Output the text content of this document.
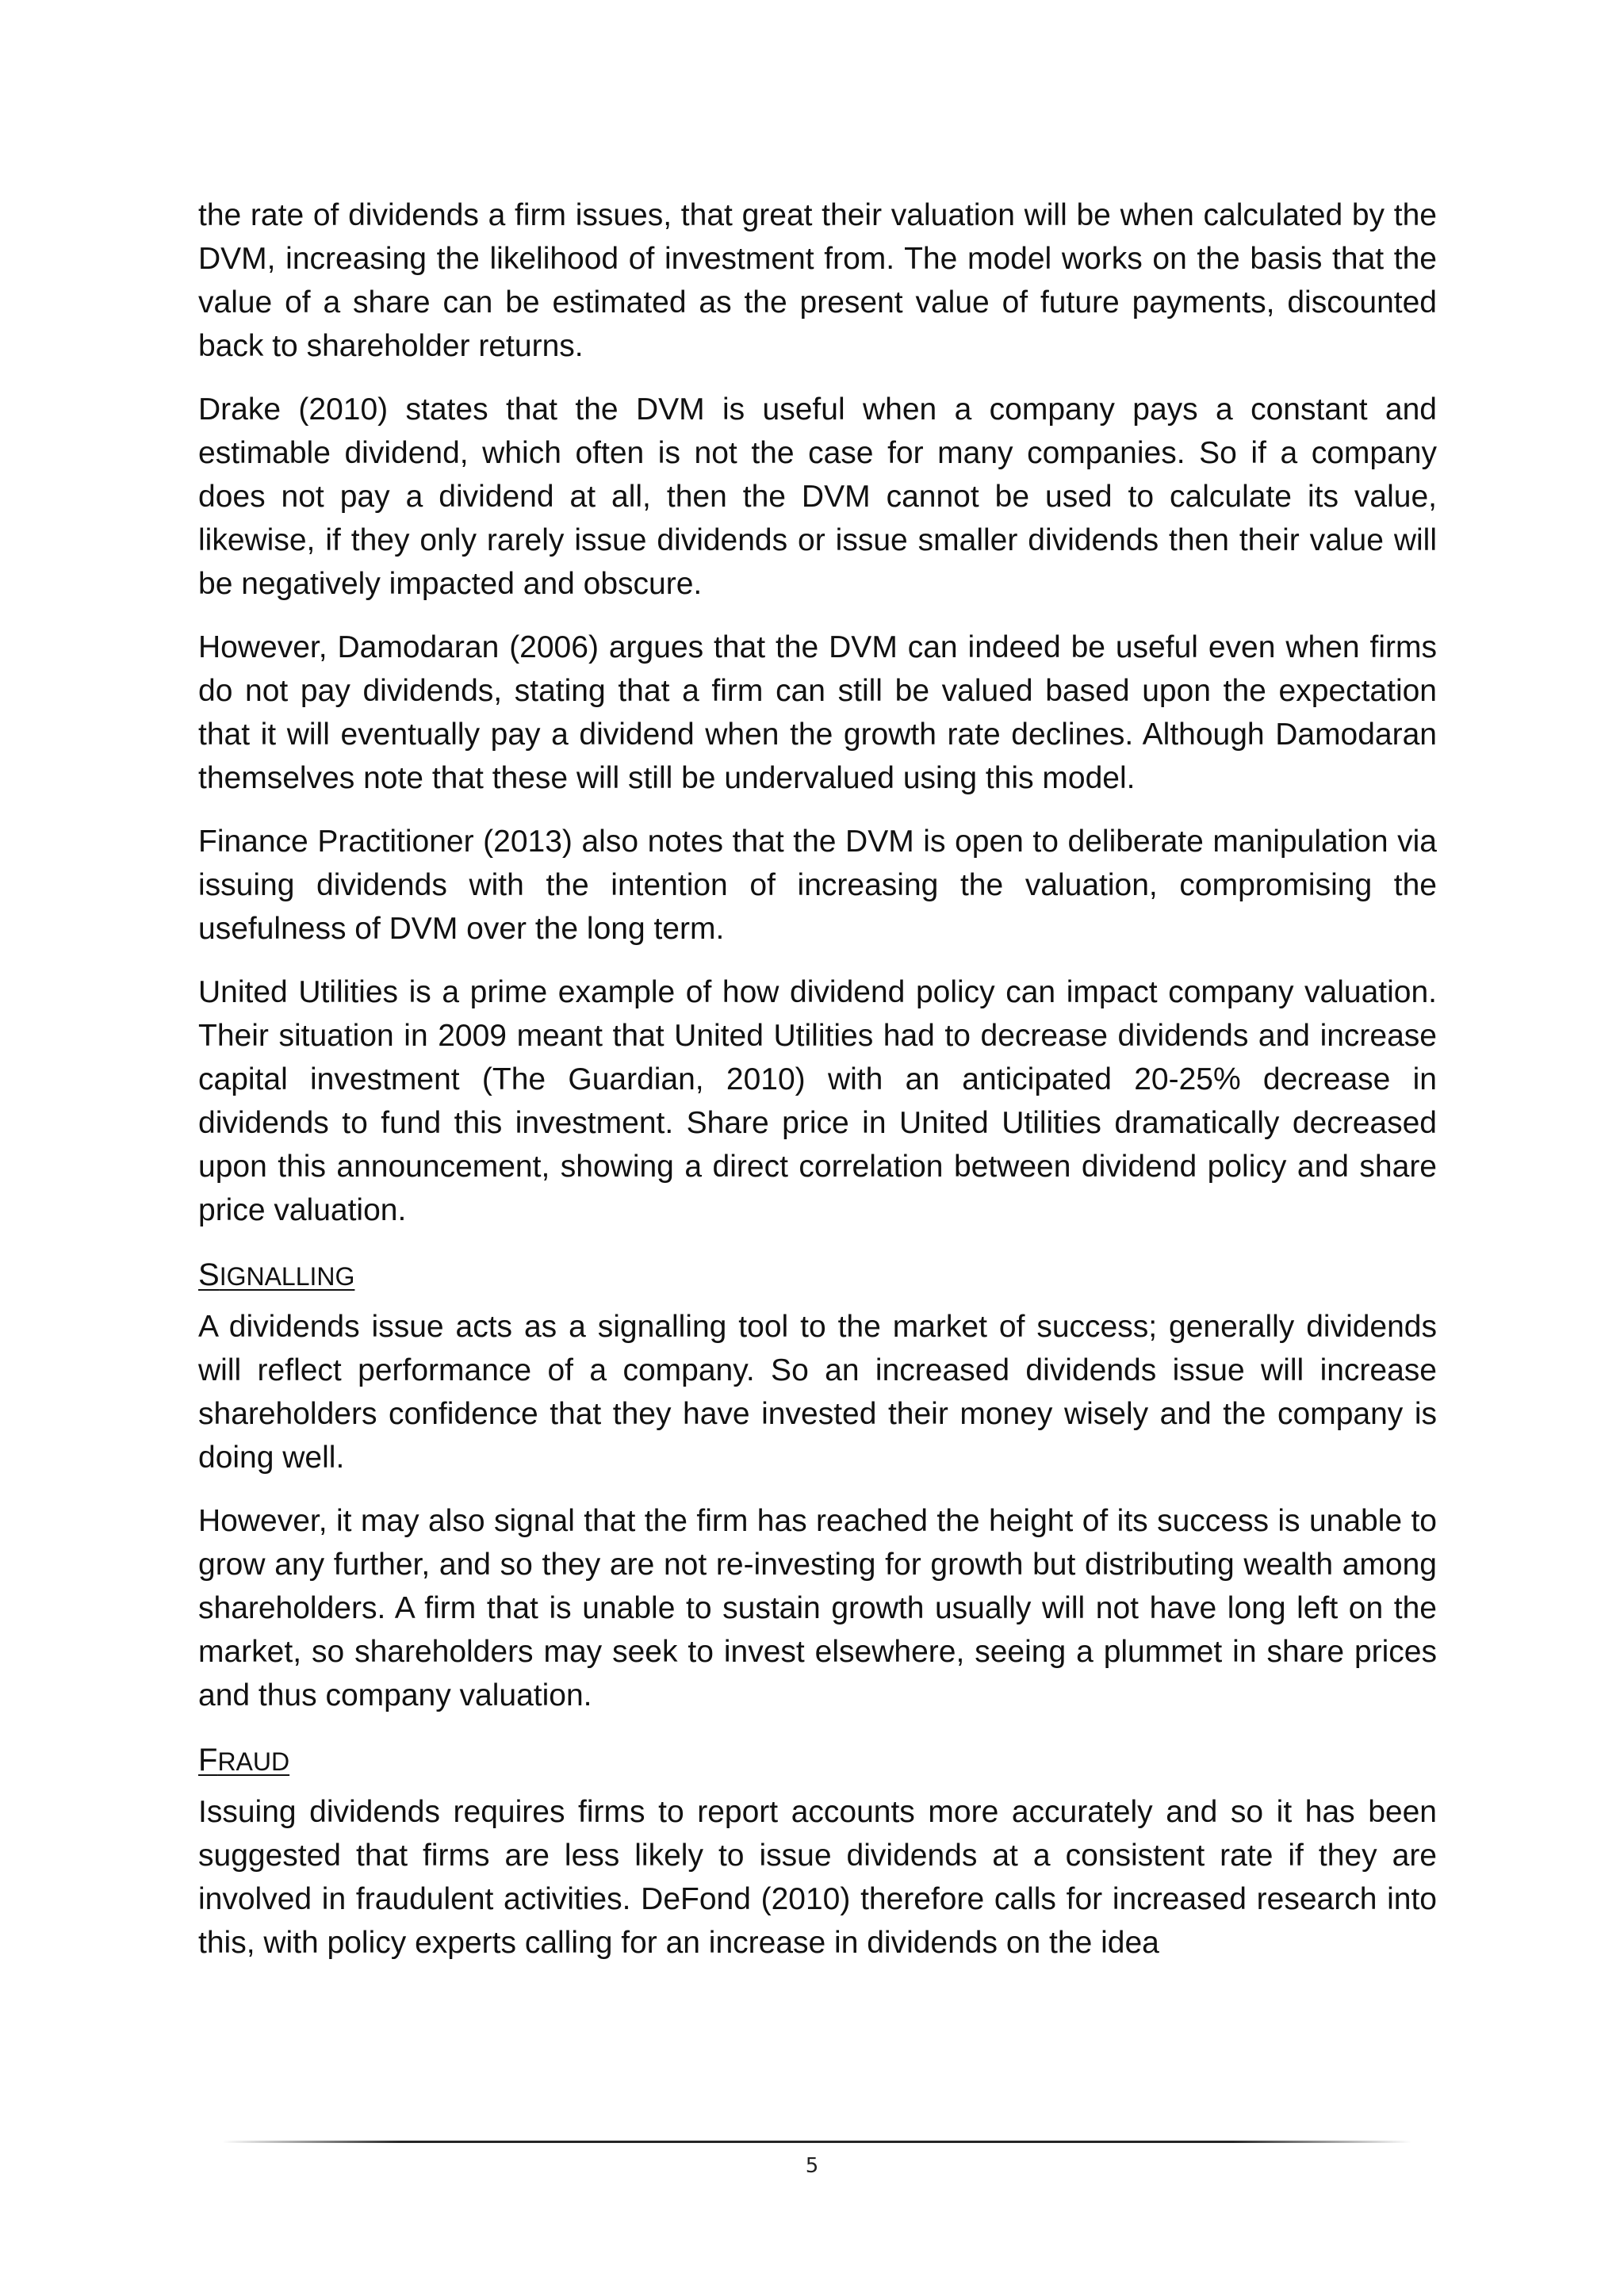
the rate of dividends a firm issues, that great their valuation will be when calculated by the DVM, increasing the likelihood of investment from. The model works on the basis that the value of a share can be estimated as the present value of future payments, discounted back to shareholder returns.

Drake (2010) states that the DVM is useful when a company pays a constant and estimable dividend, which often is not the case for many companies. So if a company does not pay a dividend at all, then the DVM cannot be used to calculate its value, likewise, if they only rarely issue dividends or issue smaller dividends then their value will be negatively impacted and obscure.

However, Damodaran (2006) argues that the DVM can indeed be useful even when firms do not pay dividends, stating that a firm can still be valued based upon the expectation that it will eventually pay a dividend when the growth rate declines. Although Damodaran themselves note that these will still be undervalued using this model.

Finance Practitioner (2013) also notes that the DVM is open to deliberate manipulation via issuing dividends with the intention of increasing the valuation, compromising the usefulness of DVM over the long term.

United Utilities is a prime example of how dividend policy can impact company valuation. Their situation in 2009 meant that United Utilities had to decrease dividends and increase capital investment (The Guardian, 2010) with an anticipated 20-25% decrease in dividends to fund this investment. Share price in United Utilities dramatically decreased upon this announcement, showing a direct correlation between dividend policy and share price valuation.

SIGNALLING

A dividends issue acts as a signalling tool to the market of success; generally dividends will reflect performance of a company. So an increased dividends issue will increase shareholders confidence that they have invested their money wisely and the company is doing well.

However, it may also signal that the firm has reached the height of its success is unable to grow any further, and so they are not re-investing for growth but distributing wealth among shareholders. A firm that is unable to sustain growth usually will not have long left on the market, so shareholders may seek to invest elsewhere, seeing a plummet in share prices and thus company valuation.

FRAUD

Issuing dividends requires firms to report accounts more accurately and so it has been suggested that firms are less likely to issue dividends at a consistent rate if they are involved in fraudulent activities. DeFond (2010) therefore calls for increased research into this, with policy experts calling for an increase in dividends on the idea

5
